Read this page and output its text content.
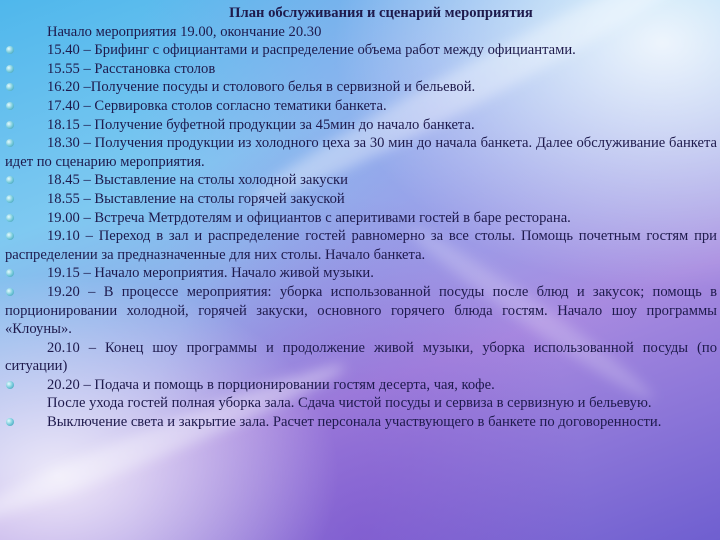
План обслуживания и сценарий мероприятия

Начало мероприятия 19.00, окончание 20.30

15.40 – Брифинг с официантами и распределение объема работ между официантами.

15.55 – Расстановка столов

16.20 –Получение посуды и столового белья в сервизной и бельевой.

17.40 – Сервировка столов согласно тематики банкета.

18.15 – Получение буфетной продукции за 45мин до начало банкета.

18.30 – Получения продукции из холодного цеха за 30 мин до начала банкета. Далее обслуживание банкета идет по сценарию мероприятия.

18.45 – Выставление на столы холодной закуски

18.55 – Выставление на столы горячей закуской

19.00 – Встреча Метрдотелям и официантов с аперитивами гостей в баре ресторана.

19.10 – Переход в зал и распределение гостей равномерно за все столы. Помощь почетным гостям при распределении за предназначенные для них столы. Начало банкета.

19.15 – Начало мероприятия. Начало живой музыки.

19.20 – В процессе мероприятия: уборка использованной посуды после блюд и закусок; помощь в порционировании холодной, горячей закуски, основного горячего блюда гостям. Начало шоу программы «Клоуны».

20.10 – Конец шоу программы и продолжение живой музыки, уборка использованной посуды (по ситуации)

20.20 – Подача и помощь в порционировании гостям десерта, чая, кофе.

После ухода гостей полная уборка зала. Сдача чистой посуды и сервиза в сервизную и бельевую.

Выключение света и закрытие зала. Расчет персонала участвующего в банкете по договоренности.
